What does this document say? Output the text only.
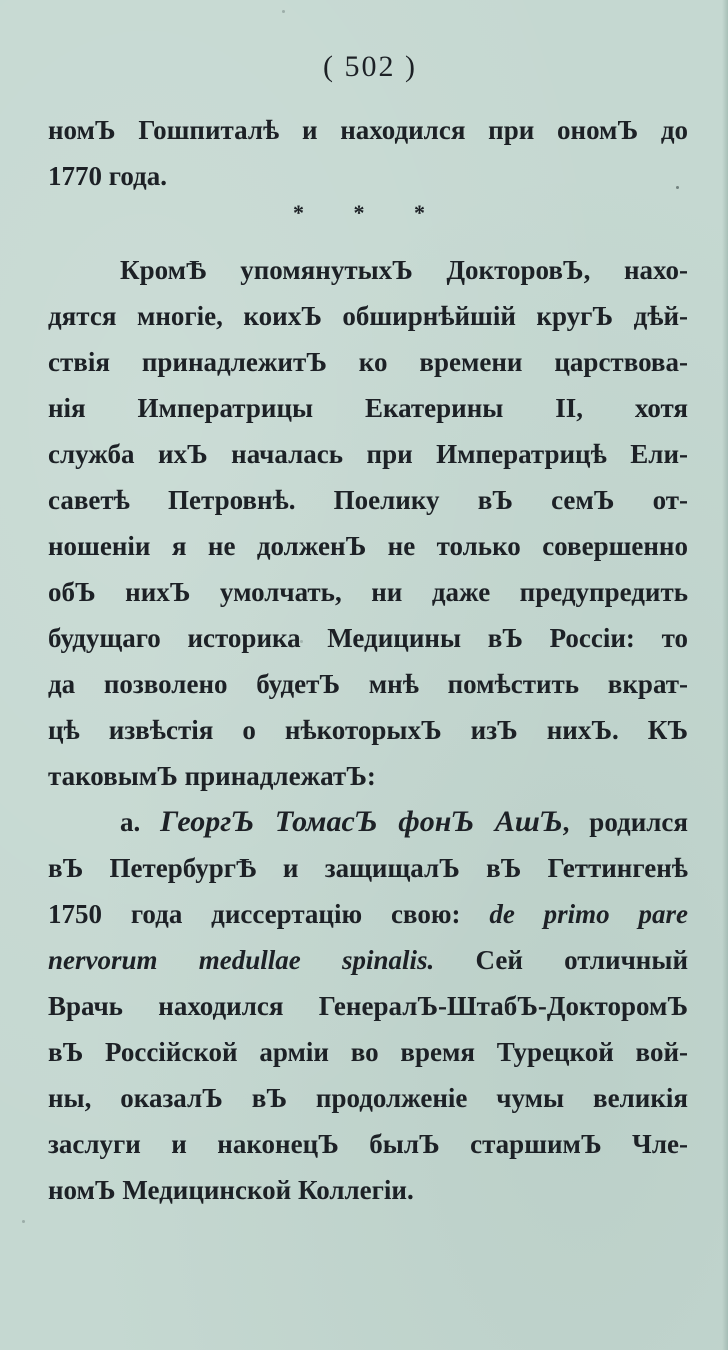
( 502 )
номЪ Гошпиталѣ и находился при ономЪ до
1770 года.
* * *
КромѢ упомянутыхЪ ДокторовЪ, нахо-
дятся многіе, коихЪ обширнѣйшій кругЪ дѣй-
ствія принадлежитЪ ко времени царствова-
нія Императрицы Екатерины II, хотя
служба ихЪ началась при Императрицѣ Ели-
саветѣ Петровнѣ. Поелику вЪ семЪ от-
ношеніи я не долженЪ не только совершенно
обЪ нихЪ умолчать, ни даже предупредить
будущаго историка Медицины вЪ Россіи: то
да позволено будетЪ мнѣ помѣстить вкрат-
цѣ извѣстія о нѣкоторыхЪ изЪ нихЪ. КЪ
таковымЪ принадлежатЪ:
а. ГеоргЪ ТомасЪ фонЪ АшЪ, родился
вЪ ПетербургѢ и защищалЪ вЪ Геттингенѣ
1750 года диссертацію свою: de primo pare
nervorum medullae spinalis. Сей отличный
Врачь находился ГенералЪ-ШтабЪ-ДокторомЪ
вЪ Россійской арміи во время Турецкой вой-
ны, оказалЪ вЪ продолженіе чумы великія
заслуги и наконецЪ былЪ старшимЪ Чле-
номЪ Медицинской Коллегіи.
